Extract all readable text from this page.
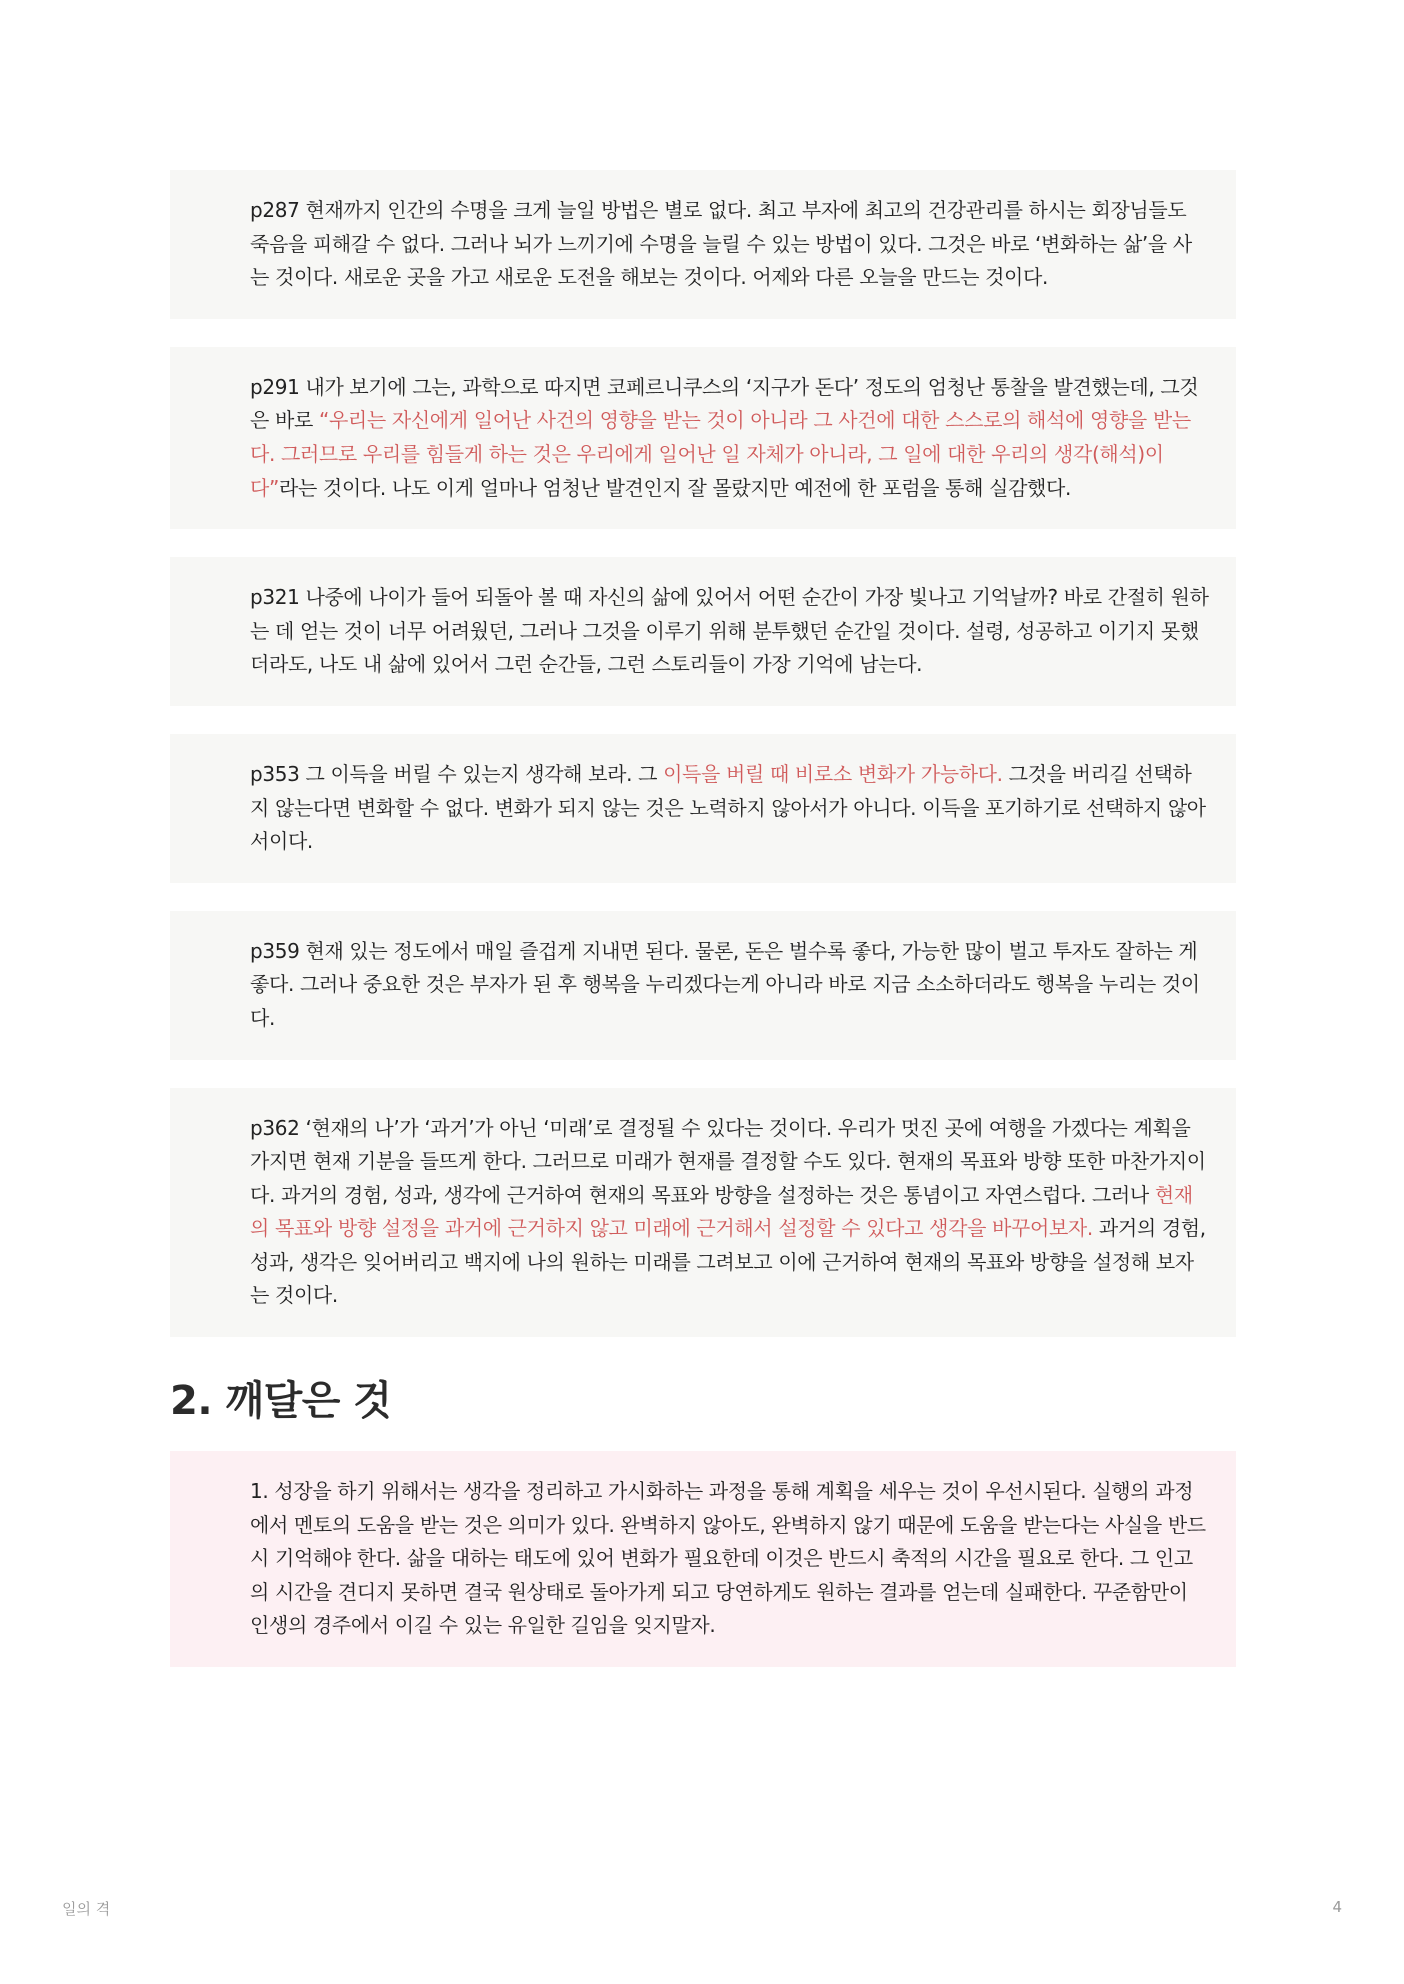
p287 현재까지 인간의 수명을 크게 늘일 방법은 별로 없다. 최고 부자에 최고의 건강관리를 하시는 회장님들도 죽음을 피해갈 수 없다. 그러나 뇌가 느끼기에 수명을 늘릴 수 있는 방법이 있다. 그것은 바로 ‘변화하는 삶’을 사는 것이다. 새로운 곳을 가고 새로운 도전을 해보는 것이다. 어제와 다른 오늘을 만드는 것이다.

p291 내가 보기에 그는, 과학으로 따지면 코페르니쿠스의 ‘지구가 돈다’ 정도의 엄청난 통찰을 발견했는데, 그것은 바로 “우리는 자신에게 일어난 사건의 영향을 받는 것이 아니라 그 사건에 대한 스스로의 해석에 영향을 받는다. 그러므로 우리를 힘들게 하는 것은 우리에게 일어난 일 자체가 아니라, 그 일에 대한 우리의 생각(해석)이다”라는 것이다. 나도 이게 얼마나 엄청난 발견인지 잘 몰랐지만 예전에 한 포럼을 통해 실감했다.

p321 나중에 나이가 들어 되돌아 볼 때 자신의 삶에 있어서 어떤 순간이 가장 빛나고 기억날까? 바로 간절히 원하는 데 얻는 것이 너무 어려웠던, 그러나 그것을 이루기 위해 분투했던 순간일 것이다. 설령, 성공하고 이기지 못했더라도, 나도 내 삶에 있어서 그런 순간들, 그런 스토리들이 가장 기억에 남는다.

p353 그 이득을 버릴 수 있는지 생각해 보라. 그 이득을 버릴 때 비로소 변화가 가능하다. 그것을 버리길 선택하지 않는다면 변화할 수 없다. 변화가 되지 않는 것은 노력하지 않아서가 아니다. 이득을 포기하기로 선택하지 않아서이다.

p359 현재 있는 정도에서 매일 즐겁게 지내면 된다. 물론, 돈은 벌수록 좋다, 가능한 많이 벌고 투자도 잘하는 게 좋다. 그러나 중요한 것은 부자가 된 후 행복을 누리겠다는게 아니라 바로 지금 소소하더라도 행복을 누리는 것이다.

p362 ‘현재의 나’가 ‘과거’가 아닌 ‘미래’로 결정될 수 있다는 것이다. 우리가 멋진 곳에 여행을 가겠다는 계획을 가지면 현재 기분을 들뜨게 한다. 그러므로 미래가 현재를 결정할 수도 있다. 현재의 목표와 방향 또한 마찬가지이다. 과거의 경험, 성과, 생각에 근거하여 현재의 목표와 방향을 설정하는 것은 통념이고 자연스럽다. 그러나 현재의 목표와 방향 설정을 과거에 근거하지 않고 미래에 근거해서 설정할 수 있다고 생각을 바꾸어보자. 과거의 경험, 성과, 생각은 잊어버리고 백지에 나의 원하는 미래를 그려보고 이에 근거하여 현재의 목표와 방향을 설정해 보자는 것이다.

2. 깨달은 것

1. 성장을 하기 위해서는 생각을 정리하고 가시화하는 과정을 통해 계획을 세우는 것이 우선시된다. 실행의 과정에서 멘토의 도움을 받는 것은 의미가 있다. 완벽하지 않아도, 완벽하지 않기 때문에 도움을 받는다는 사실을 반드시 기억해야 한다. 삶을 대하는 태도에 있어 변화가 필요한데 이것은 반드시 축적의 시간을 필요로 한다. 그 인고의 시간을 견디지 못하면 결국 원상태로 돌아가게 되고 당연하게도 원하는 결과를 얻는데 실패한다. 꾸준함만이 인생의 경주에서 이길 수 있는 유일한 길임을 잊지말자.

일의 격	4
